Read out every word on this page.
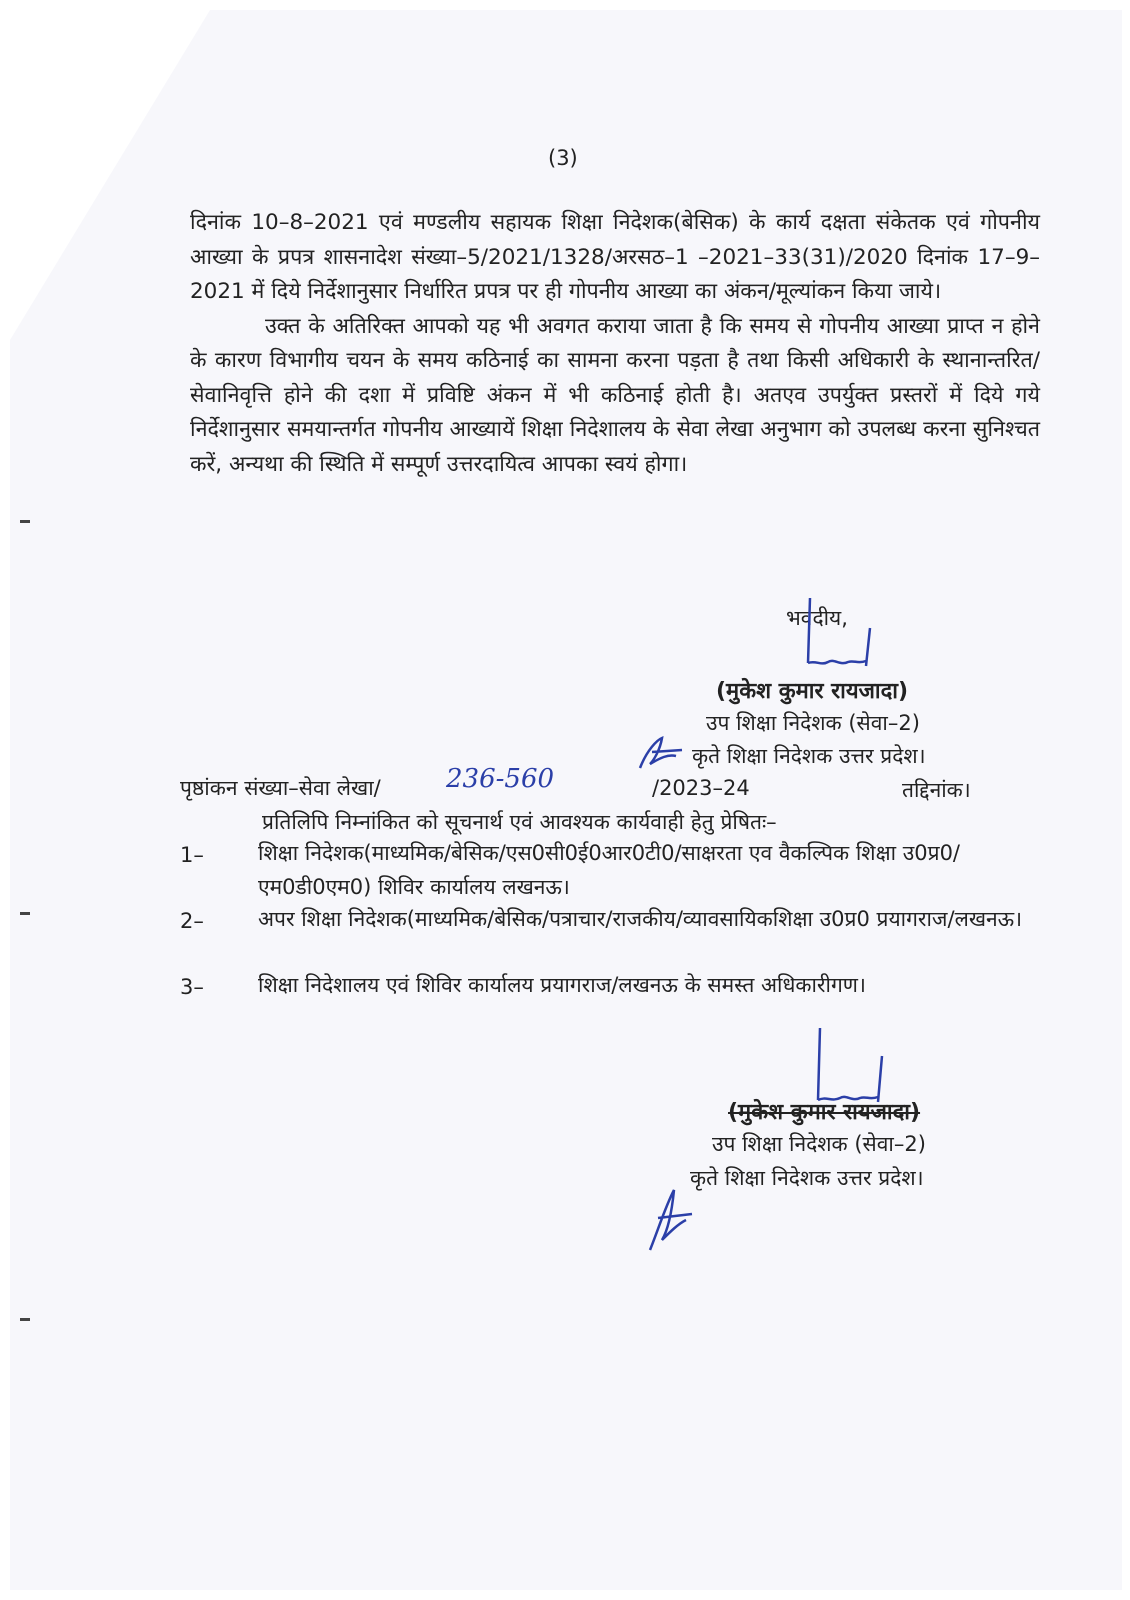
(3)

दिनांक 10–8–2021 एवं मण्डलीय सहायक शिक्षा निदेशक(बेसिक) के कार्य दक्षता संकेतक एवं गोपनीय आख्या के प्रपत्र शासनादेश संख्या–5/2021/1328/अरसठ–1 –2021–33(31)/2020 दिनांक 17–9–2021 में दिये निर्देशानुसार निर्धारित प्रपत्र पर ही गोपनीय आख्या का अंकन/मूल्यांकन किया जाये।

उक्त के अतिरिक्त आपको यह भी अवगत कराया जाता है कि समय से गोपनीय आख्या प्राप्त न होने के कारण विभागीय चयन के समय कठिनाई का सामना करना पड़ता है तथा किसी अधिकारी के स्थानान्तरित/सेवानिवृत्ति होने की दशा में प्रविष्टि अंकन में भी कठिनाई होती है। अतएव उपर्युक्त प्रस्तरों में दिये गये निर्देशानुसार समयान्तर्गत गोपनीय आख्यायें शिक्षा निदेशालय के सेवा लेखा अनुभाग को उपलब्ध करना सुनिश्चत करें, अन्यथा की स्थिति में सम्पूर्ण उत्तरदायित्व आपका स्वयं होगा।

भवदीय,
(मुकेश कुमार रायजादा)
उप शिक्षा निदेशक (सेवा–2)
कृते शिक्षा निदेशक उत्तर प्रदेश।
पृष्ठांकन संख्या–सेवा लेखा/	236-560	/2023–24	तद्दिनांक।
प्रतिलिपि निम्नांकित को सूचनार्थ एवं आवश्यक कार्यवाही हेतु प्रेषितः–
1–	शिक्षा निदेशक(माध्यमिक/बेसिक/एस0सी0ई0आर0टी0/साक्षरता एव वैकल्पिक शिक्षा उ0प्र0/एम0डी0एम0) शिविर कार्यालय लखनऊ।
2–	अपर शिक्षा निदेशक(माध्यमिक/बेसिक/पत्राचार/राजकीय/व्यावसायिकशिक्षा उ0प्र0 प्रयागराज/लखनऊ।
3–	शिक्षा निदेशालय एवं शिविर कार्यालय प्रयागराज/लखनऊ के समस्त अधिकारीगण।
(मुकेश कुमार रायजादा)
उप शिक्षा निदेशक (सेवा–2)
कृते शिक्षा निदेशक उत्तर प्रदेश।
